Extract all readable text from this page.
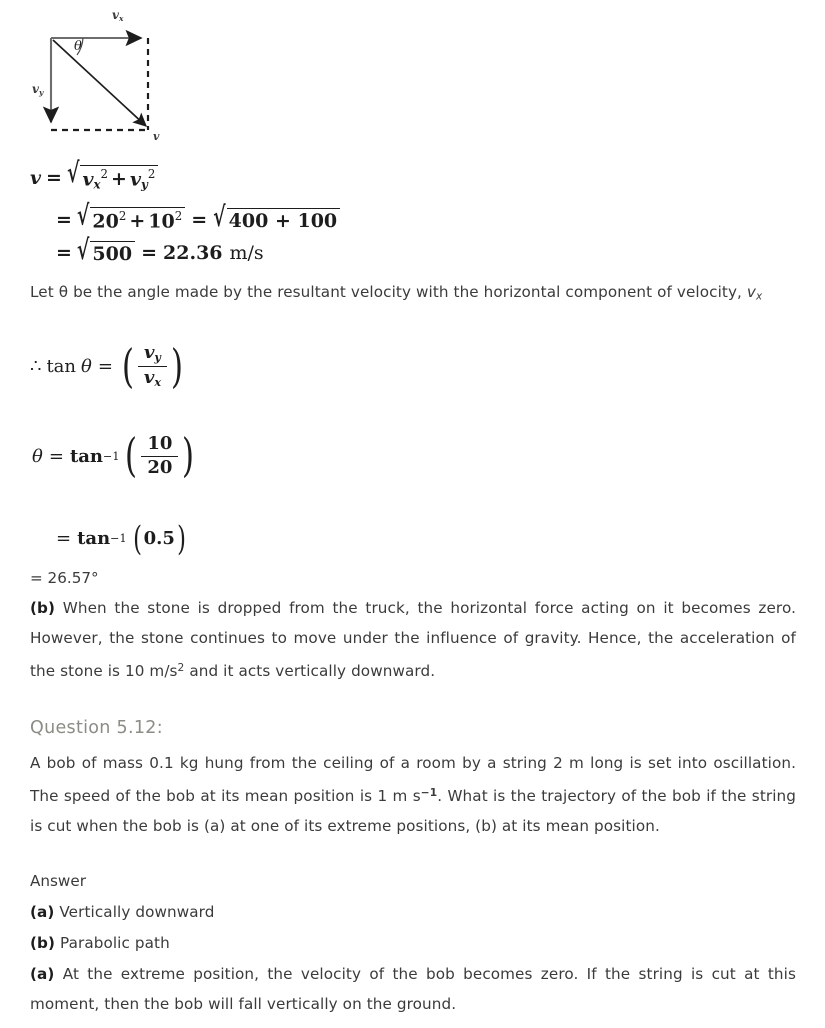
$v_x$
$v_y$
θ
v
v = √ $v_x^2 + v_y^2$
= √ $20^2 + 10^2$ = √ 400 + 100
= √ 500 = 22.36 m/s
Let θ be the angle made by the resultant velocity with the horizontal component of velocity, vx
∴ tan θ = ( $\frac{v_y}{v_x}$ )
θ = tan −1 ( $\frac{10}{20}$ )
= tan −1 ( 0.5 )
= 26.57°
(b) When the stone is dropped from the truck, the horizontal force acting on it becomes zero. However, the stone continues to move under the influence of gravity. Hence, the acceleration of the stone is 10 $m/s^2$ and it acts vertically downward.
Question 5.12:
A bob of mass 0.1 kg hung from the ceiling of a room by a string 2 m long is set into oscillation. The speed of the bob at its mean position is 1 m $s^{-1}$. What is the trajectory of the bob if the string is cut when the bob is (a) at one of its extreme positions, (b) at its mean position.
Answer
(a) Vertically downward
(b) Parabolic path
(a) At the extreme position, the velocity of the bob becomes zero. If the string is cut at this moment, then the bob will fall vertically on the ground.
